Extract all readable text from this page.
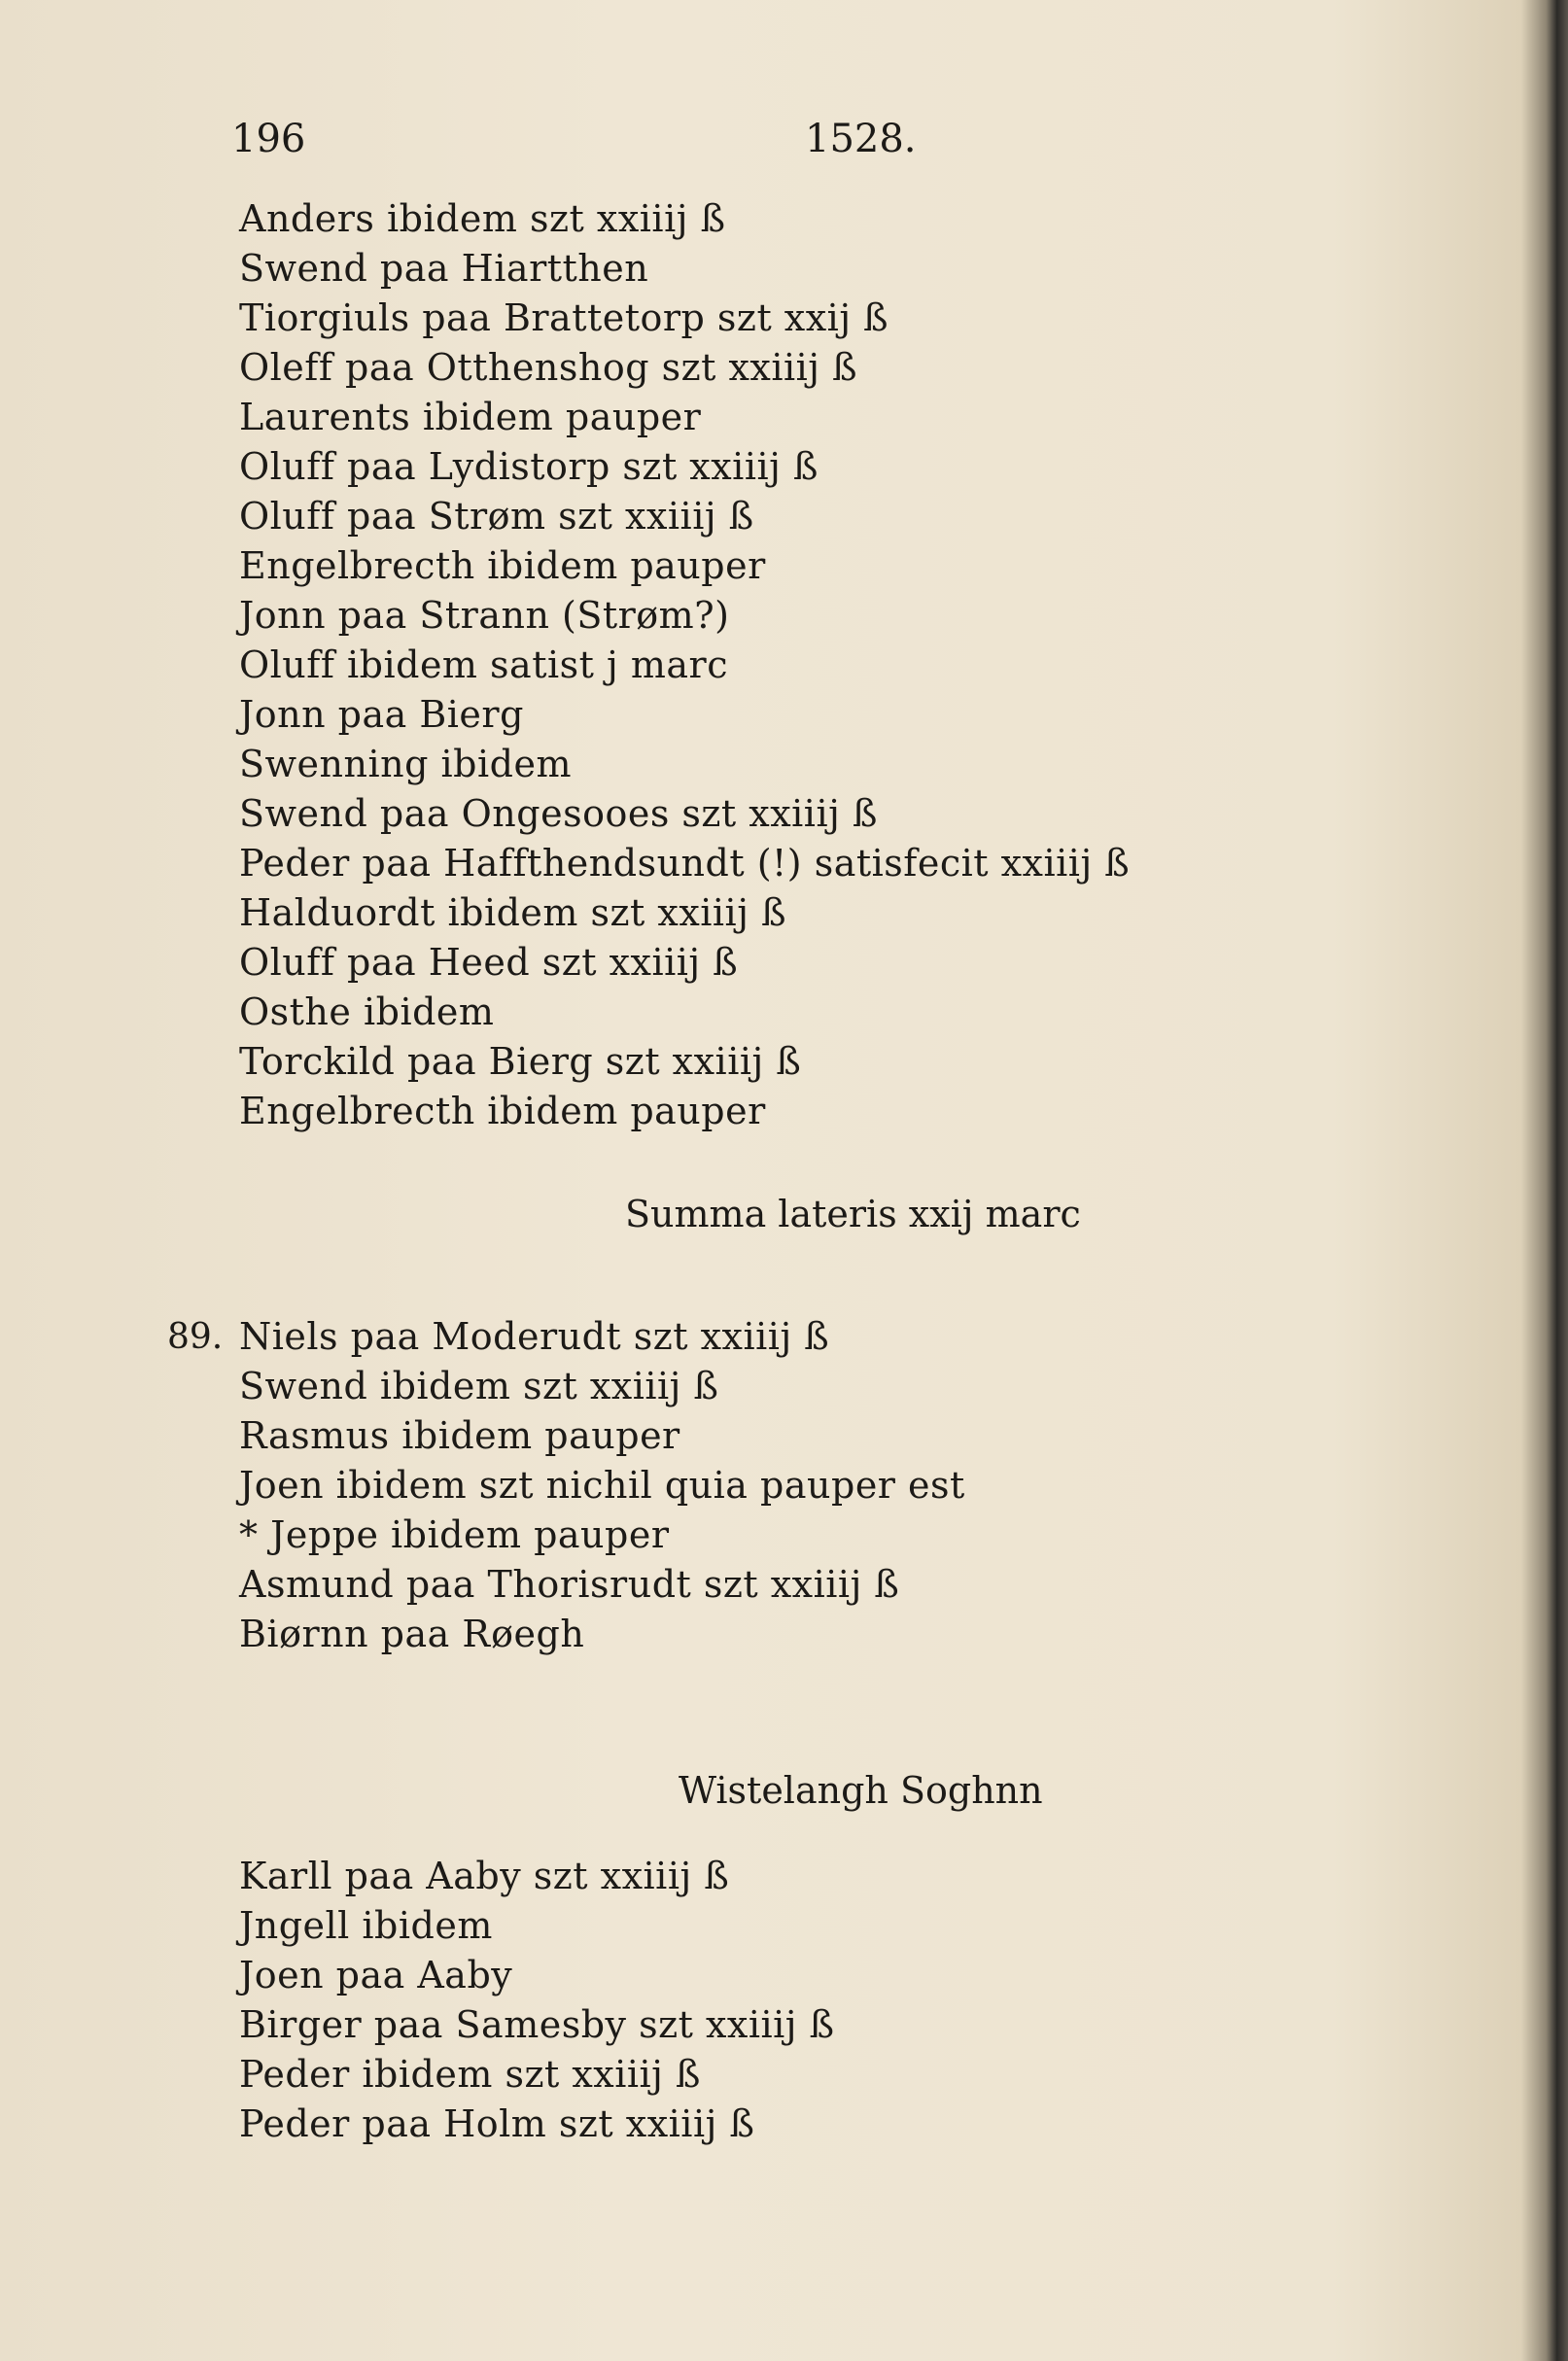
196	1528.
Anders ibidem szt xxiiij ß
Swend paa Hiartthen
Tiorgiuls paa Brattetorp szt xxij ß
Oleff paa Otthenshog szt xxiiij ß
Laurents ibidem pauper
Oluff paa Lydistorp szt xxiiij ß
Oluff paa Strøm szt xxiiij ß
Engelbrecth ibidem pauper
Jonn paa Strann (Strøm?)
Oluff ibidem satist j marc
Jonn paa Bierg
Swenning ibidem
Swend paa Ongesooes szt xxiiij ß
Peder paa Haffthendsundt (!) satisfecit xxiiij ß
Halduordt ibidem szt xxiiij ß
Oluff paa Heed szt xxiiij ß
Osthe ibidem
Torckild paa Bierg szt xxiiij ß
Engelbrecth ibidem pauper
Summa lateris xxij marc
89. Niels paa Moderudt szt xxiiij ß
Swend ibidem szt xxiiij ß
Rasmus ibidem pauper
Joen ibidem szt nichil quia pauper est
* Jeppe ibidem pauper
Asmund paa Thorisrudt szt xxiiij ß
Biørnn paa Røegh
Wistelangh Soghnn
Karll paa Aaby szt xxiiij ß
Jngell ibidem
Joen paa Aaby
Birger paa Samesby szt xxiiij ß
Peder ibidem szt xxiiij ß
Peder paa Holm szt xxiiij ß
